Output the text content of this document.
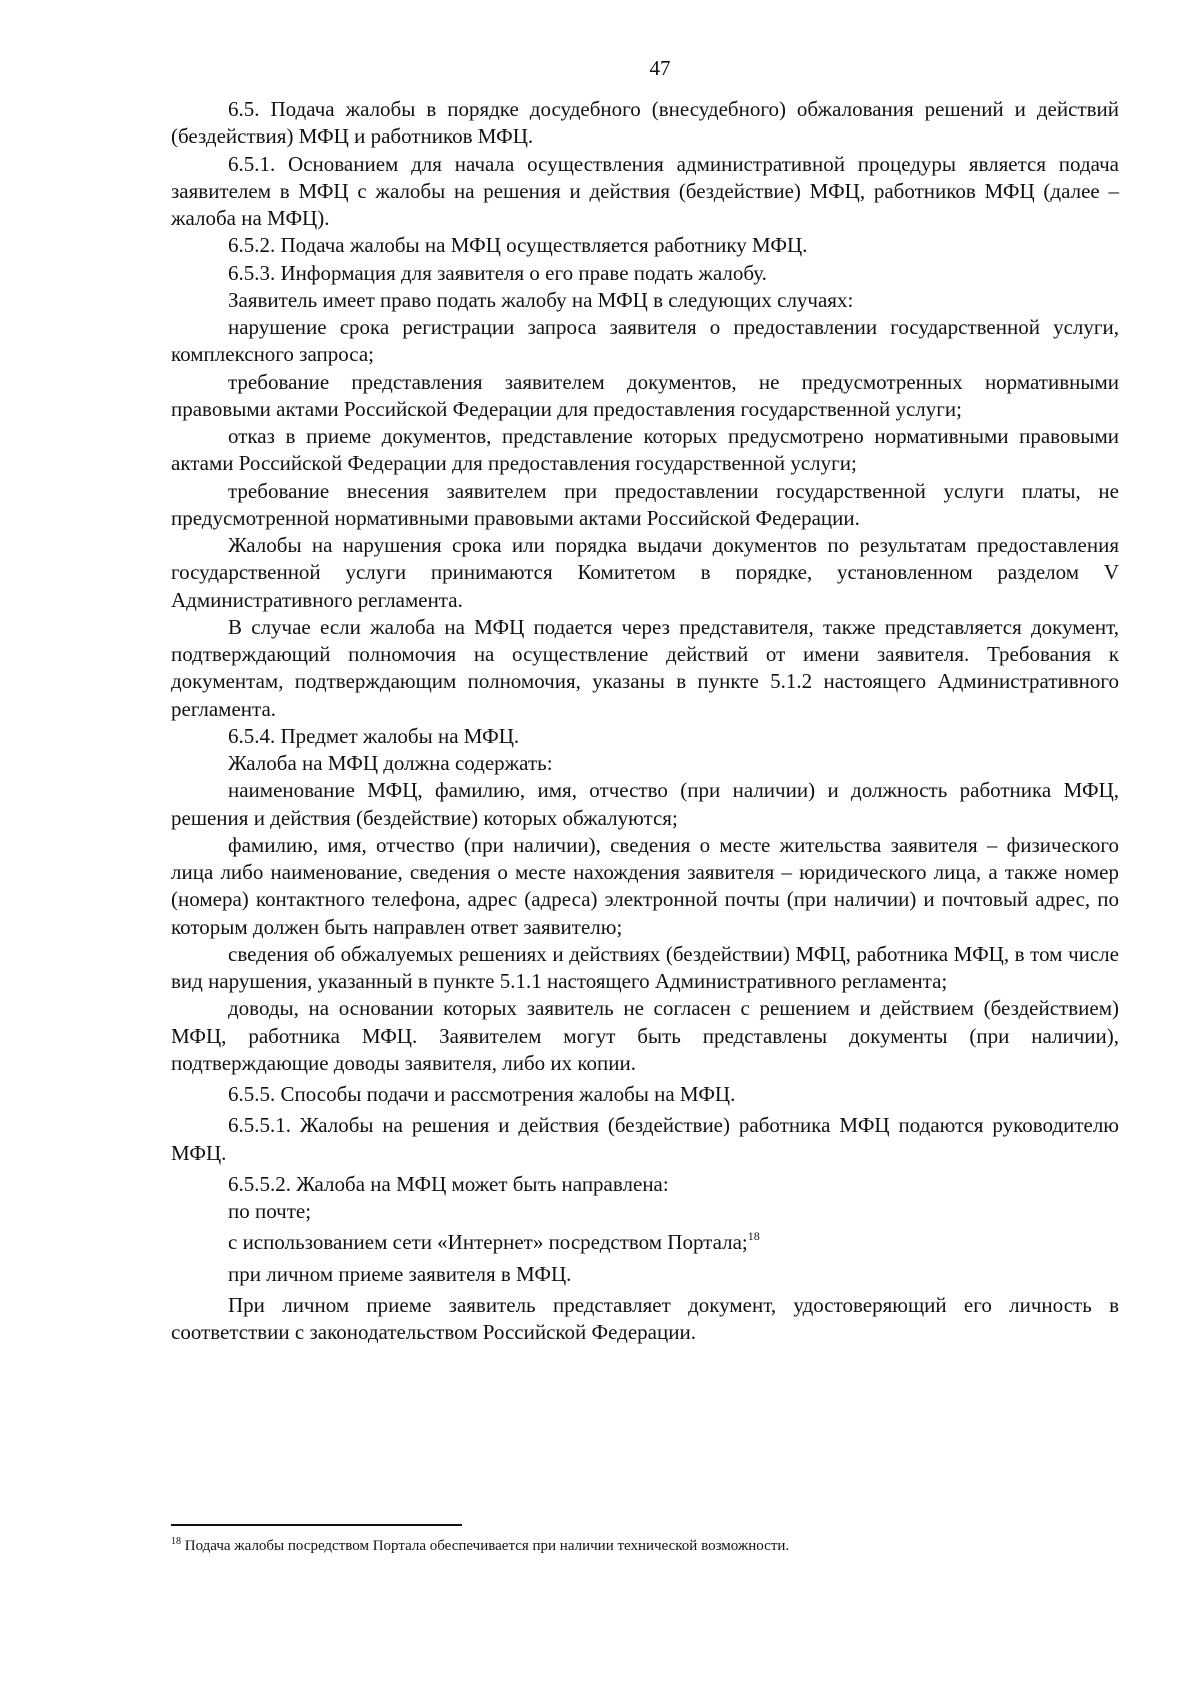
47

6.5. Подача жалобы в порядке досудебного (внесудебного) обжалования решений и действий (бездействия) МФЦ и работников МФЦ.

6.5.1. Основанием для начала осуществления административной процедуры является подача заявителем в МФЦ с жалобы на решения и действия (бездействие) МФЦ, работников МФЦ (далее – жалоба на МФЦ).

6.5.2. Подача жалобы на МФЦ осуществляется работнику МФЦ.

6.5.3. Информация для заявителя о его праве подать жалобу.

Заявитель имеет право подать жалобу на МФЦ в следующих случаях:

нарушение срока регистрации запроса заявителя о предоставлении государственной услуги, комплексного запроса;

требование представления заявителем документов, не предусмотренных нормативными правовыми актами Российской Федерации для предоставления государственной услуги;

отказ в приеме документов, представление которых предусмотрено нормативными правовыми актами Российской Федерации для предоставления государственной услуги;

требование внесения заявителем при предоставлении государственной услуги платы, не предусмотренной нормативными правовыми актами Российской Федерации.

Жалобы на нарушения срока или порядка выдачи документов по результатам предоставления государственной услуги принимаются Комитетом в порядке, установленном разделом V Административного регламента.

В случае если жалоба на МФЦ подается через представителя, также представляется документ, подтверждающий полномочия на осуществление действий от имени заявителя. Требования к документам, подтверждающим полномочия, указаны в пункте 5.1.2 настоящего Административного регламента.

6.5.4. Предмет жалобы на МФЦ.

Жалоба на МФЦ должна содержать:

наименование МФЦ, фамилию, имя, отчество (при наличии) и должность работника МФЦ, решения и действия (бездействие) которых обжалуются;

фамилию, имя, отчество (при наличии), сведения о месте жительства заявителя – физического лица либо наименование, сведения о месте нахождения заявителя – юридического лица, а также номер (номера) контактного телефона, адрес (адреса) электронной почты (при наличии) и почтовый адрес, по которым должен быть направлен ответ заявителю;

сведения об обжалуемых решениях и действиях (бездействии) МФЦ, работника МФЦ, в том числе вид нарушения, указанный в пункте 5.1.1 настоящего Административного регламента;

доводы, на основании которых заявитель не согласен с решением и действием (бездействием) МФЦ, работника МФЦ. Заявителем могут быть представлены документы (при наличии), подтверждающие доводы заявителя, либо их копии.

6.5.5. Способы подачи и рассмотрения жалобы на МФЦ.

6.5.5.1. Жалобы на решения и действия (бездействие) работника МФЦ подаются руководителю МФЦ.

6.5.5.2. Жалоба на МФЦ может быть направлена:

по почте;

с использованием сети «Интернет» посредством Портала;$^{18}$

при личном приеме заявителя в МФЦ.

При личном приеме заявитель представляет документ, удостоверяющий его личность в соответствии с законодательством Российской Федерации.

$^{18}$ Подача жалобы посредством Портала обеспечивается при наличии технической возможности.
